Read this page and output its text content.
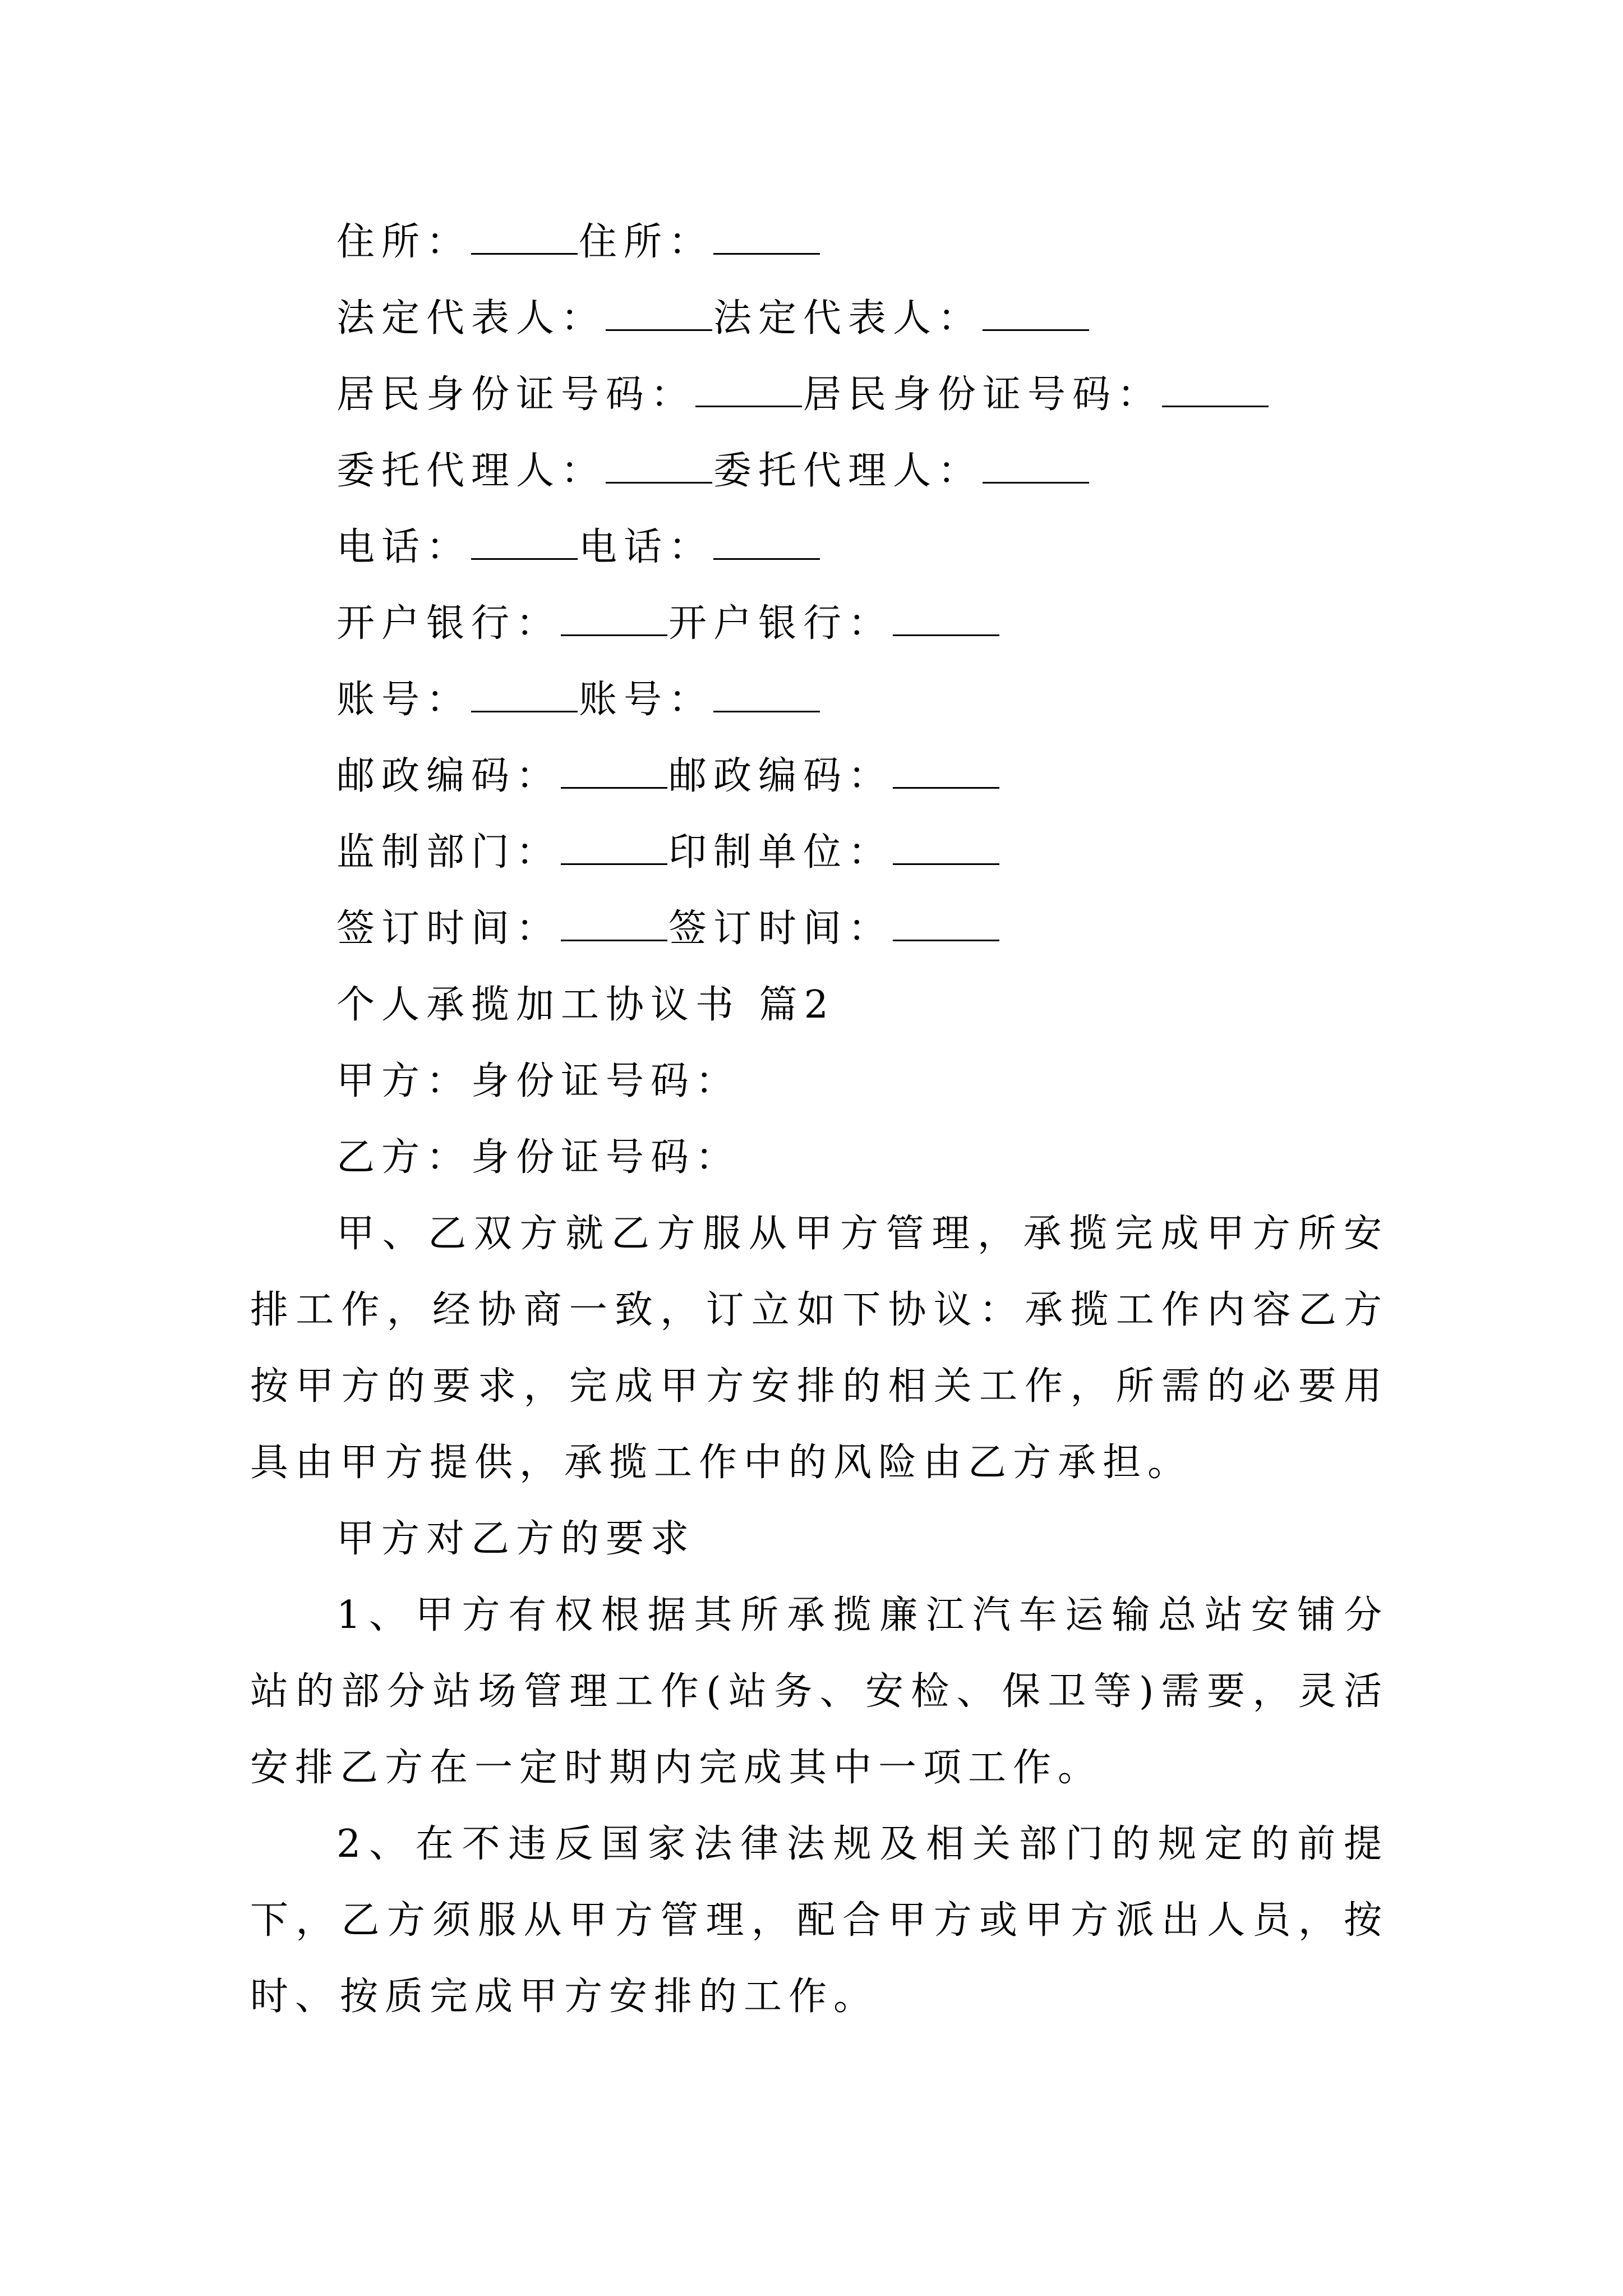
住所：	住所：
法定代表人：	法定代表人：
居民身份证号码：	居民身份证号码：
委托代理人：	委托代理人：
电话：	电话：
开户银行：	开户银行：
账号：	账号：
邮政编码：	邮政编码：
监制部门：	印制单位：
签订时间：	签订时间：
个人承揽加工协议书 篇2
甲方：身份证号码：
乙方：身份证号码：
甲、乙双方就乙方服从甲方管理，承揽完成甲方所安排工作，经协商一致，订立如下协议：承揽工作内容乙方按甲方的要求，完成甲方安排的相关工作，所需的必要用具由甲方提供，承揽工作中的风险由乙方承担。
甲方对乙方的要求
1、甲方有权根据其所承揽廉江汽车运输总站安铺分站的部分站场管理工作(站务、安检、保卫等)需要，灵活安排乙方在一定时期内完成其中一项工作。
2、在不违反国家法律法规及相关部门的规定的前提下，乙方须服从甲方管理，配合甲方或甲方派出人员，按时、按质完成甲方安排的工作。
